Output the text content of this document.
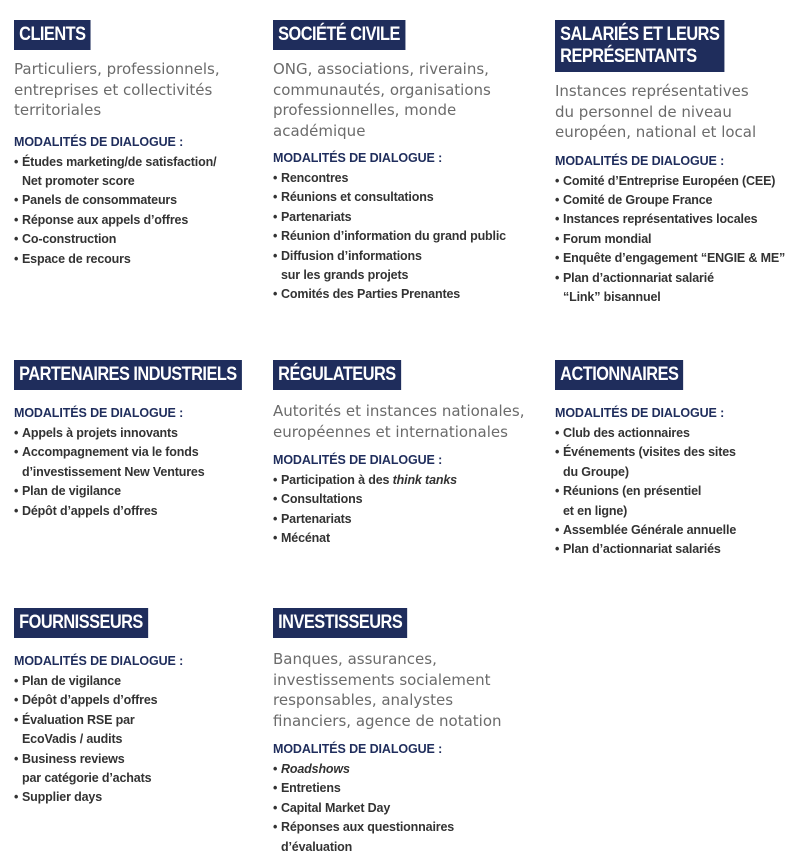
CLIENTS

Particuliers, professionnels,
entreprises et collectivités
territoriales

MODALITÉS DE DIALOGUE :
• Études marketing/de satisfaction/
Net promoter score
• Panels de consommateurs
• Réponse aux appels d’offres
• Co-construction
• Espace de recours
SOCIÉTÉ CIVILE

ONG, associations, riverains,
communautés, organisations
professionnelles, monde
académique

MODALITÉS DE DIALOGUE :
• Rencontres
• Réunions et consultations
• Partenariats
• Réunion d’information du grand public
• Diffusion d’informations
sur les grands projets
• Comités des Parties Prenantes
SALARIÉS ET LEURS
REPRÉSENTANTS

Instances représentatives
du personnel de niveau
européen, national et local

MODALITÉS DE DIALOGUE :
• Comité d’Entreprise Européen (CEE)
• Comité de Groupe France
• Instances représentatives locales
• Forum mondial
• Enquête d’engagement “ENGIE & ME”
• Plan d’actionnariat salarié
“Link” bisannuel
PARTENAIRES INDUSTRIELS
MODALITÉS DE DIALOGUE :
• Appels à projets innovants
• Accompagnement via le fonds
d’investissement New Ventures
• Plan de vigilance
• Dépôt d’appels d’offres
RÉGULATEURS

Autorités et instances nationales,
européennes et internationales

MODALITÉS DE DIALOGUE :
• Participation à des think tanks
• Consultations
• Partenariats
• Mécénat
ACTIONNAIRES
MODALITÉS DE DIALOGUE :
• Club des actionnaires
• Événements (visites des sites
du Groupe)
• Réunions (en présentiel
et en ligne)
• Assemblée Générale annuelle
• Plan d’actionnariat salariés
FOURNISSEURS
MODALITÉS DE DIALOGUE :
• Plan de vigilance
• Dépôt d’appels d’offres
• Évaluation RSE par
EcoVadis / audits
• Business reviews
par catégorie d’achats
• Supplier days
INVESTISSEURS

Banques, assurances,
investissements socialement
responsables, analystes
financiers, agence de notation

MODALITÉS DE DIALOGUE :
• Roadshows
• Entretiens
• Capital Market Day
• Réponses aux questionnaires
d’évaluation
